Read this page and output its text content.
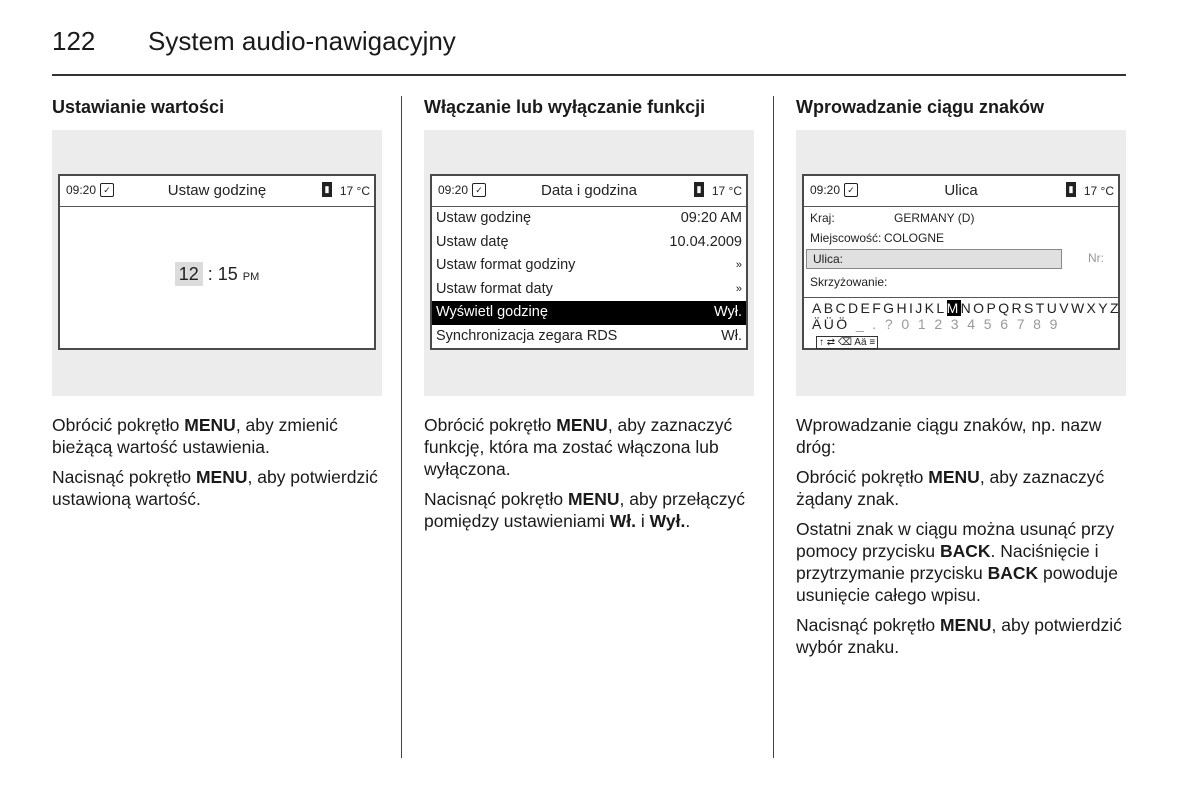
122 System audio-nawigacyjny
Ustawianie wartości
09:20 ✓	Ustaw godzinę	▮ 17 °C
12 : 15 PM

Obrócić pokrętło MENU, aby zmienić bieżącą wartość ustawienia.

Nacisnąć pokrętło MENU, aby potwierdzić ustawioną wartość.

Włączanie lub wyłączanie funkcji
09:20 ✓	Data i godzina	▮ 17 °C
Ustaw godzinę	09:20 AM
Ustaw datę	10.04.2009
Ustaw format godziny	»
Ustaw format daty	»
Wyświetl godzinę	Wył.
Synchronizacja zegara RDS	Wł.

Obrócić pokrętło MENU, aby zaznaczyć funkcję, która ma zostać włączona lub wyłączona.

Nacisnąć pokrętło MENU, aby przełączyć pomiędzy ustawieniami Wł. i Wył..

Wprowadzanie ciągu znaków
09:20 ✓	Ulica	▮ 17 °C
Kraj:	GERMANY (D)
Miejscowość: COLOGNE
Ulica:	Nr:
Skrzyżowanie:
ABCDEFGHIJKLMNOPQRSTUVWXYZ
ÄÜÖ _ . ? 0 1 2 3 4 5 6 7 8 9↑ ⇄ ⌫ Aä ≡

Wprowadzanie ciągu znaków, np. nazw dróg:

Obrócić pokrętło MENU, aby zaznaczyć żądany znak.

Ostatni znak w ciągu można usunąć przy pomocy przycisku BACK. Naciśnięcie i przytrzymanie przycisku BACK powoduje usunięcie całego wpisu.

Nacisnąć pokrętło MENU, aby potwierdzić wybór znaku.
